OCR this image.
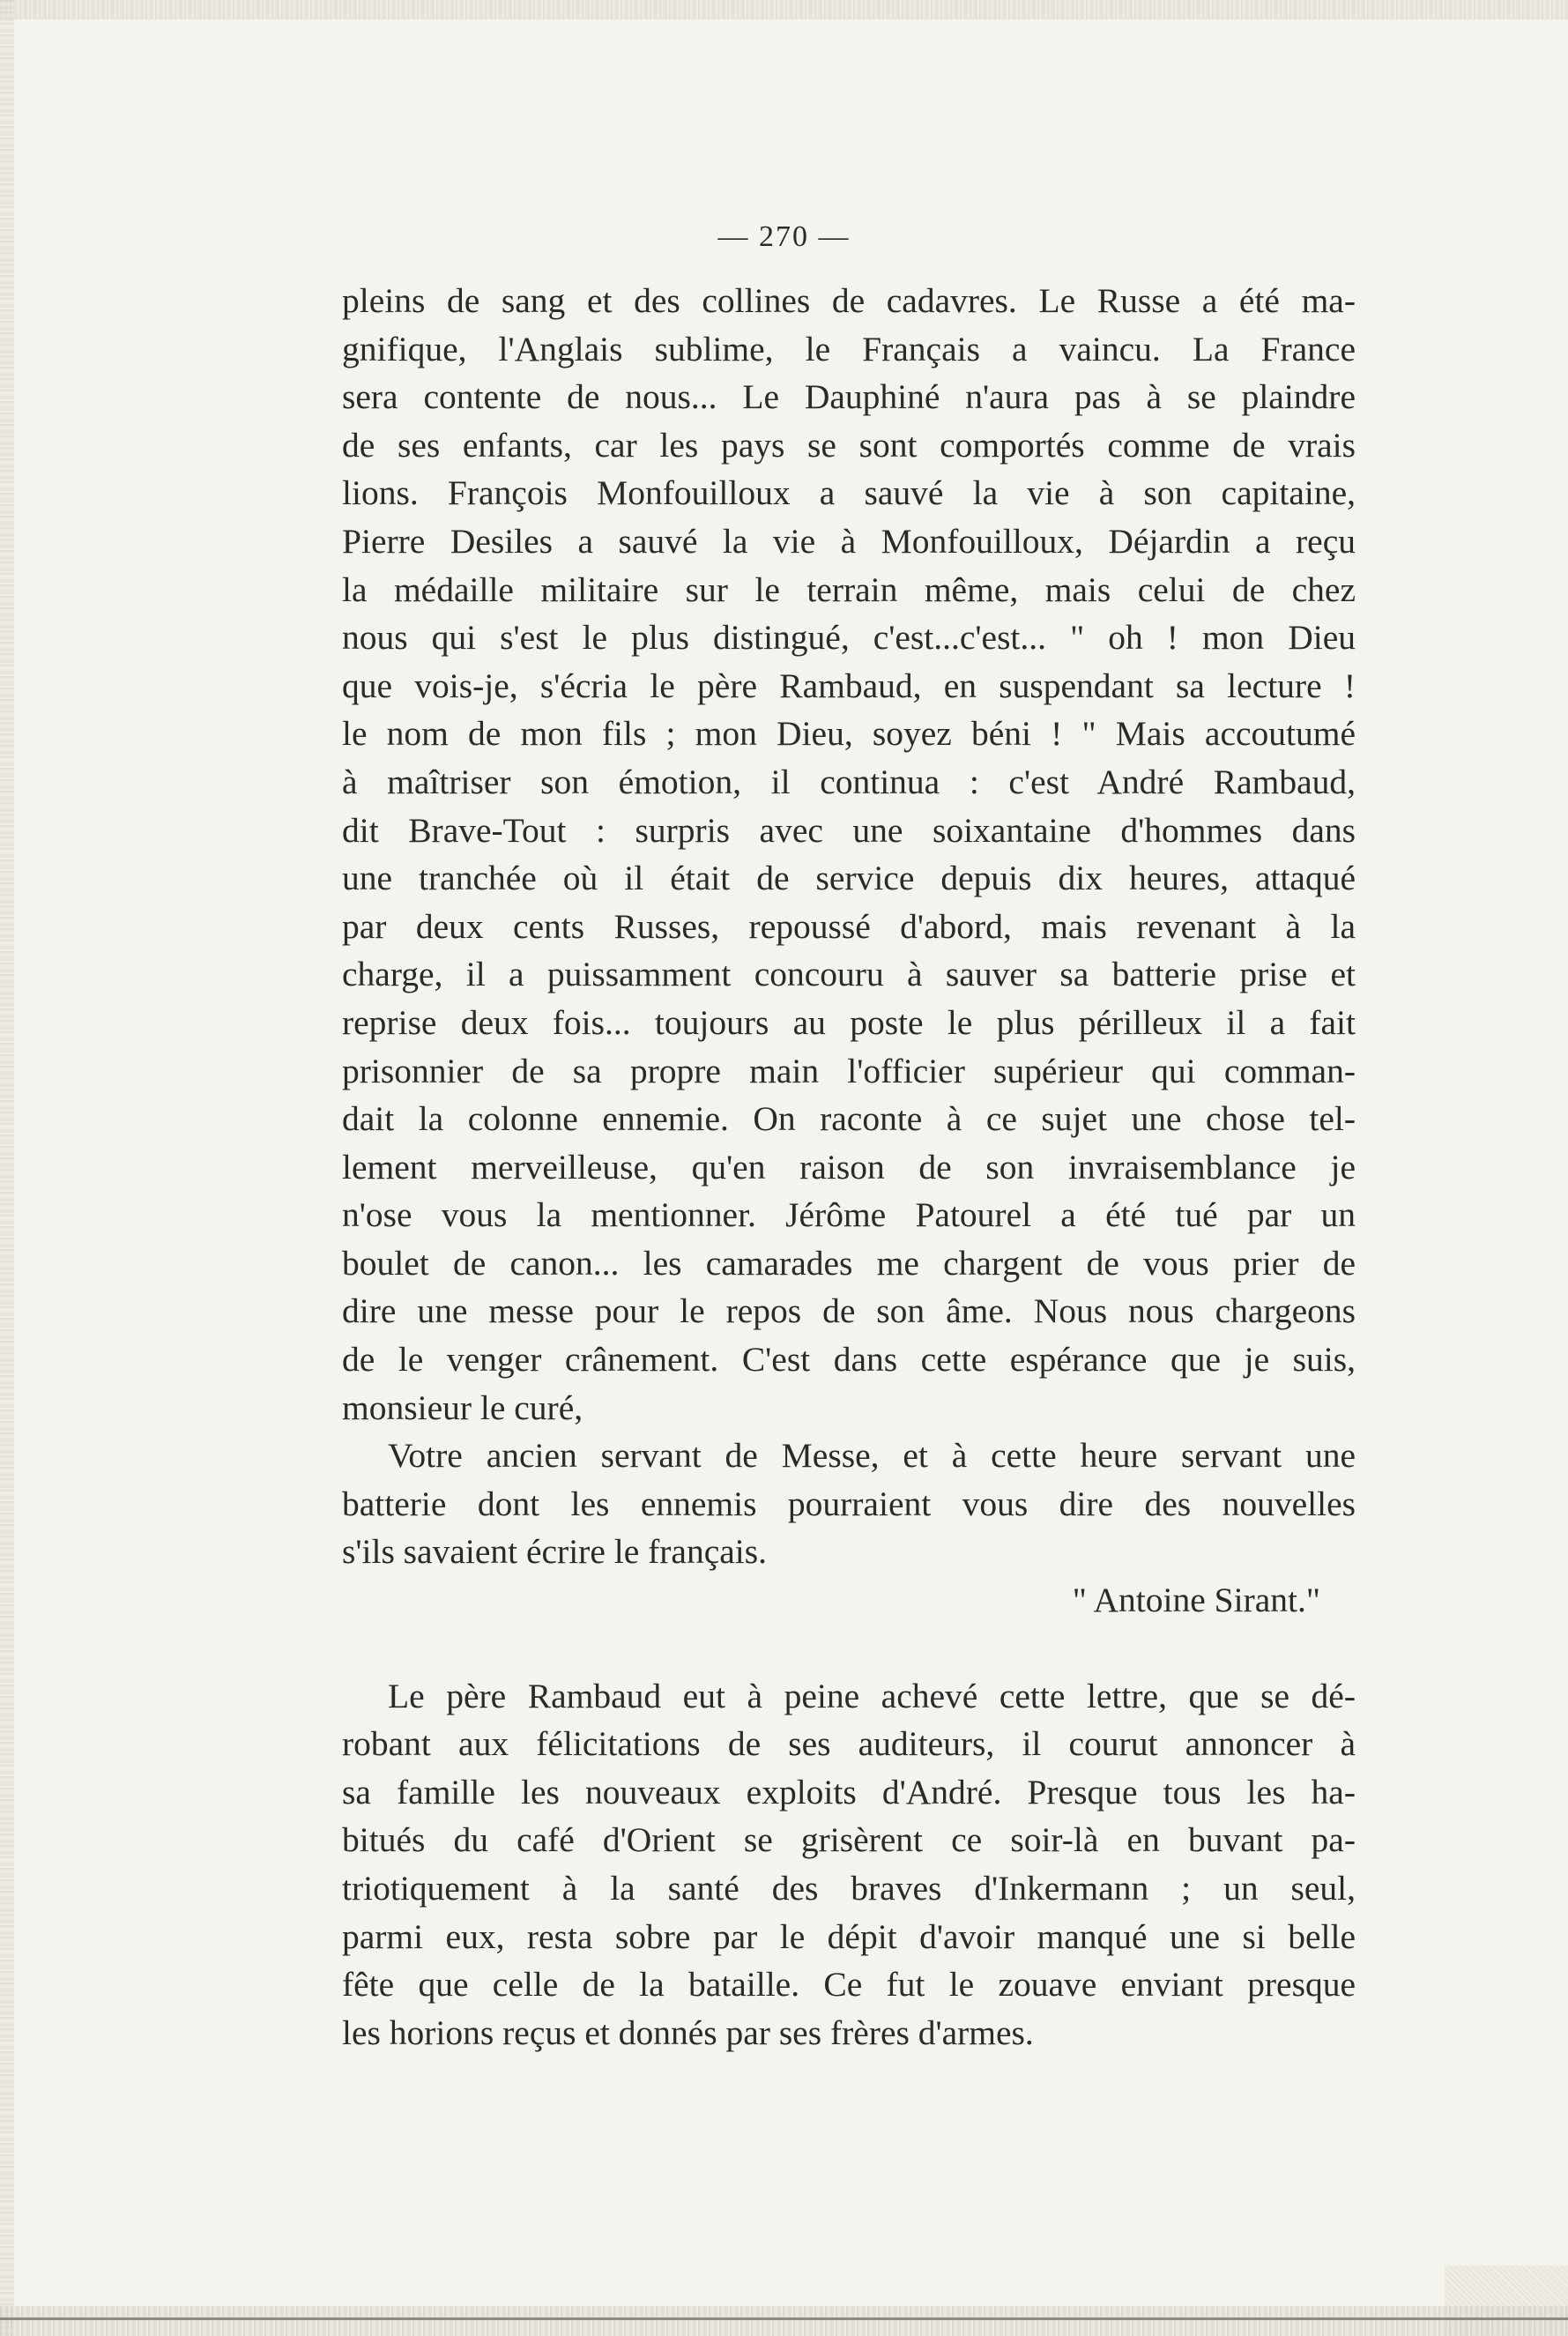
— 270 —
pleins de sang et des collines de cadavres. Le Russe a été ma-
gnifique, l'Anglais sublime, le Français a vaincu. La France
sera contente de nous... Le Dauphiné n'aura pas à se plaindre
de ses enfants, car les pays se sont comportés comme de vrais
lions. François Monfouilloux a sauvé la vie à son capitaine,
Pierre Desiles a sauvé la vie à Monfouilloux, Déjardin a reçu
la médaille militaire sur le terrain même, mais celui de chez
nous qui s'est le plus distingué, c'est...c'est... " oh ! mon Dieu
que vois-je, s'écria le père Rambaud, en suspendant sa lecture !
le nom de mon fils ; mon Dieu, soyez béni ! " Mais accoutumé
à maîtriser son émotion, il continua : c'est André Rambaud,
dit Brave-Tout : surpris avec une soixantaine d'hommes dans
une tranchée où il était de service depuis dix heures, attaqué
par deux cents Russes, repoussé d'abord, mais revenant à la
charge, il a puissamment concouru à sauver sa batterie prise et
reprise deux fois... toujours au poste le plus périlleux il a fait
prisonnier de sa propre main l'officier supérieur qui comman-
dait la colonne ennemie. On raconte à ce sujet une chose tel-
lement merveilleuse, qu'en raison de son invraisemblance je
n'ose vous la mentionner. Jérôme Patourel a été tué par un
boulet de canon... les camarades me chargent de vous prier de
dire une messe pour le repos de son âme. Nous nous chargeons
de le venger crânement. C'est dans cette espérance que je suis,
monsieur le curé,
Votre ancien servant de Messe, et à cette heure servant une
batterie dont les ennemis pourraient vous dire des nouvelles
s'ils savaient écrire le français.
" Antoine Sirant."
Le père Rambaud eut à peine achevé cette lettre, que se dé-
robant aux félicitations de ses auditeurs, il courut annoncer à
sa famille les nouveaux exploits d'André. Presque tous les ha-
bitués du café d'Orient se grisèrent ce soir-là en buvant pa-
triotiquement à la santé des braves d'Inkermann ; un seul,
parmi eux, resta sobre par le dépit d'avoir manqué une si belle
fête que celle de la bataille. Ce fut le zouave enviant presque
les horions reçus et donnés par ses frères d'armes.
